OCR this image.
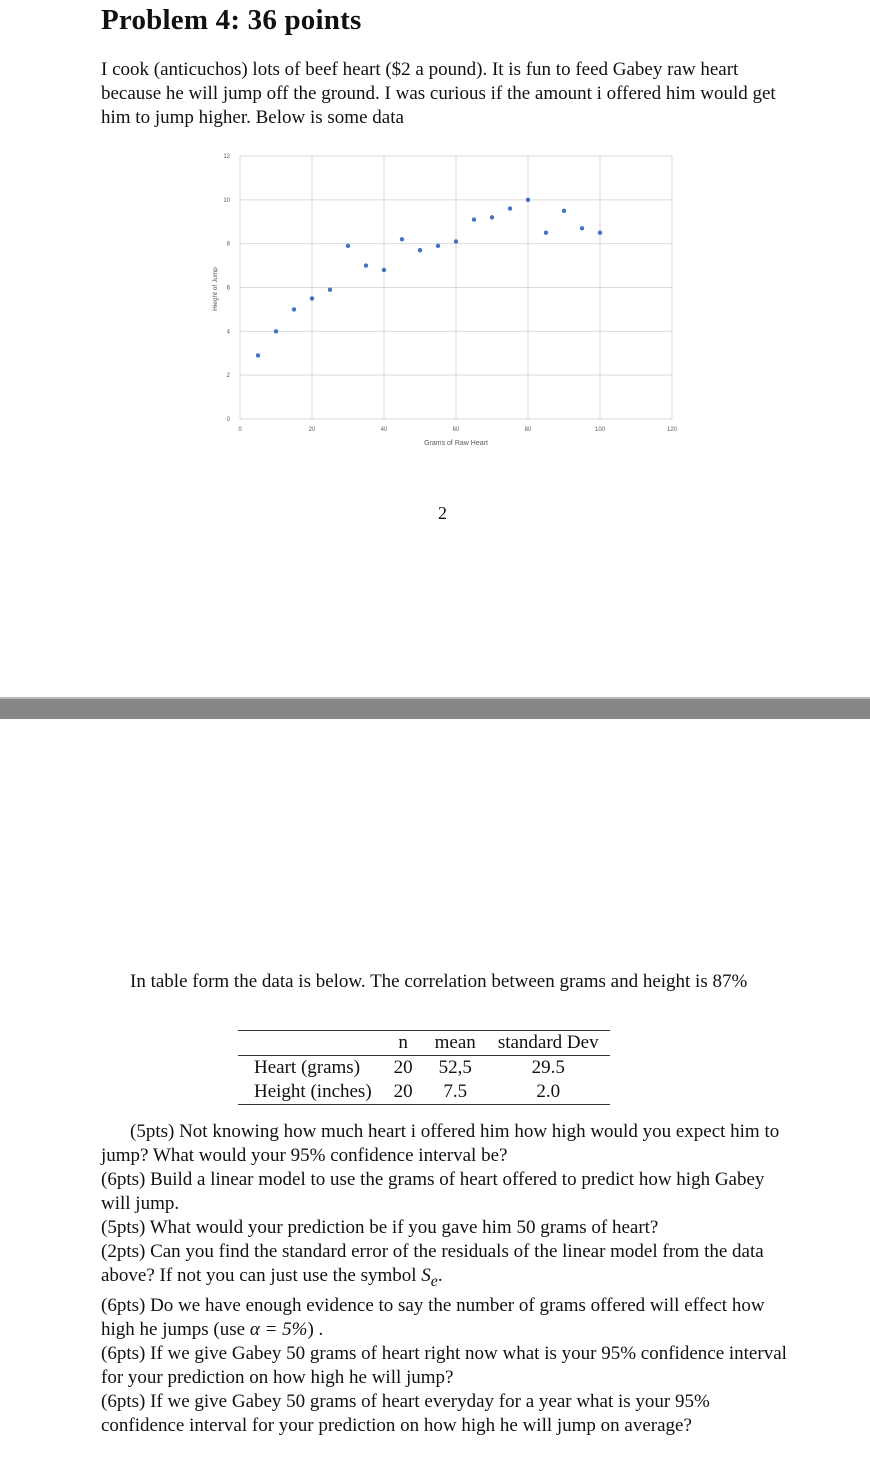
Problem 4: 36 points
I cook (anticuchos) lots of beef heart ($2 a pound). It is fun to feed Gabey raw heart because he will jump off the ground. I was curious if the amount i offered him would get him to jump higher. Below is some data
0
2
4
6
8
10
12
0	20	40	60	80	100	120
Grams of Raw Heart
Hieght of Jump
2
In table form the data is below. The correlation between grams and height is 87%
	n	mean	standard Dev
Heart (grams)	20	52,5	29.5
Height (inches)	20	7.5	2.0

(5pts) Not knowing how much heart i offered him how high would you expect him to jump? What would your 95% confidence interval be?

(6pts) Build a linear model to use the grams of heart offered to predict how high Gabey will jump.

(5pts) What would your prediction be if you gave him 50 grams of heart?

(2pts) Can you find the standard error of the residuals of the linear model from the data above? If not you can just use the symbol $S_e$.

(6pts) Do we have enough evidence to say the number of grams offered will effect how high he jumps (use α = 5%) .

(6pts) If we give Gabey 50 grams of heart right now what is your 95% confidence interval for your prediction on how high he will jump?

(6pts) If we give Gabey 50 grams of heart everyday for a year what is your 95% confidence interval for your prediction on how high he will jump on average?
